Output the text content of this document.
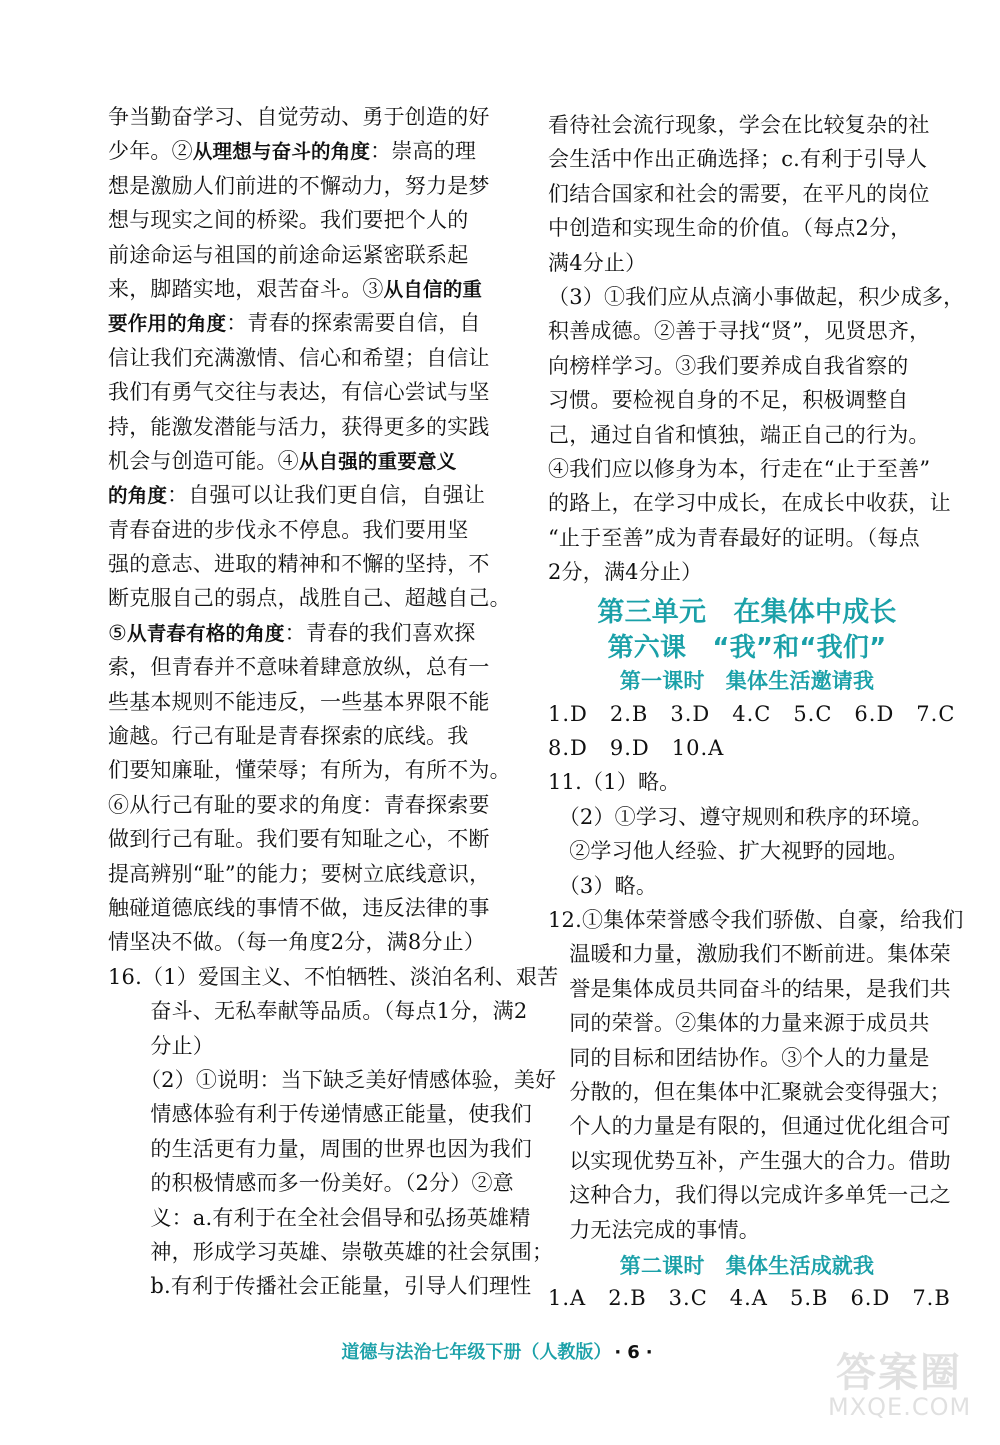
争当勤奋学习、自觉劳动、勇于创造的好
少年。②从理想与奋斗的角度：崇高的理
想是激励人们前进的不懈动力，努力是梦
想与现实之间的桥梁。我们要把个人的
前途命运与祖国的前途命运紧密联系起
来，脚踏实地，艰苦奋斗。③从自信的重
要作用的角度：青春的探索需要自信，自
信让我们充满激情、信心和希望；自信让
我们有勇气交往与表达，有信心尝试与坚
持，能激发潜能与活力，获得更多的实践
机会与创造可能。④从自强的重要意义
的角度：自强可以让我们更自信，自强让
青春奋进的步伐永不停息。我们要用坚
强的意志、进取的精神和不懈的坚持，不
断克服自己的弱点，战胜自己、超越自己。
⑤从青春有格的角度：青春的我们喜欢探
索，但青春并不意味着肆意放纵，总有一
些基本规则不能违反，一些基本界限不能
逾越。行己有耻是青春探索的底线。我
们要知廉耻，懂荣辱；有所为，有所不为。
⑥从行己有耻的要求的角度：青春探索要
做到行己有耻。我们要有知耻之心，不断
提高辨别“耻”的能力；要树立底线意识，
触碰道德底线的事情不做，违反法律的事
情坚决不做。（每一角度2分，满8分止）
16.（1）爱国主义、不怕牺牲、淡泊名利、艰苦
　　奋斗、无私奉献等品质。（每点1分，满2
　　分止）
　　（2）①说明：当下缺乏美好情感体验，美好
　　情感体验有利于传递情感正能量，使我们
　　的生活更有力量，周围的世界也因为我们
　　的积极情感而多一份美好。（2分）②意
　　义：a.有利于在全社会倡导和弘扬英雄精
　　神，形成学习英雄、崇敬英雄的社会氛围；
　　b.有利于传播社会正能量，引导人们理性
看待社会流行现象，学会在比较复杂的社
会生活中作出正确选择；c.有利于引导人
们结合国家和社会的需要，在平凡的岗位
中创造和实现生命的价值。（每点2分，
满4分止）
（3）①我们应从点滴小事做起，积少成多，
积善成德。②善于寻找“贤”，见贤思齐，
向榜样学习。③我们要养成自我省察的
习惯。要检视自身的不足，积极调整自
己，通过自省和慎独，端正自己的行为。
④我们应以修身为本，行走在“止于至善”
的路上，在学习中成长，在成长中收获，让
“止于至善”成为青春最好的证明。（每点
2分，满4分止）
第三单元　在集体中成长
第六课　“我”和“我们”
第一课时　集体生活邀请我
1.D　2.B　3.D　4.C　5.C　6.D　7.C
8.D　9.D　10.A
11.（1）略。
　（2）①学习、遵守规则和秩序的环境。
　②学习他人经验、扩大视野的园地。
　（3）略。
12.①集体荣誉感令我们骄傲、自豪，给我们
　温暖和力量，激励我们不断前进。集体荣
　誉是集体成员共同奋斗的结果，是我们共
　同的荣誉。②集体的力量来源于成员共
　同的目标和团结协作。③个人的力量是
　分散的，但在集体中汇聚就会变得强大；
　个人的力量是有限的，但通过优化组合可
　以实现优势互补，产生强大的合力。借助
　这种合力，我们得以完成许多单凭一己之
　力无法完成的事情。
第二课时　集体生活成就我
1.A　2.B　3.C　4.A　5.B　6.D　7.B
道德与法治七年级下册（人教版） ·6·	答案圈
MXQE.COM
